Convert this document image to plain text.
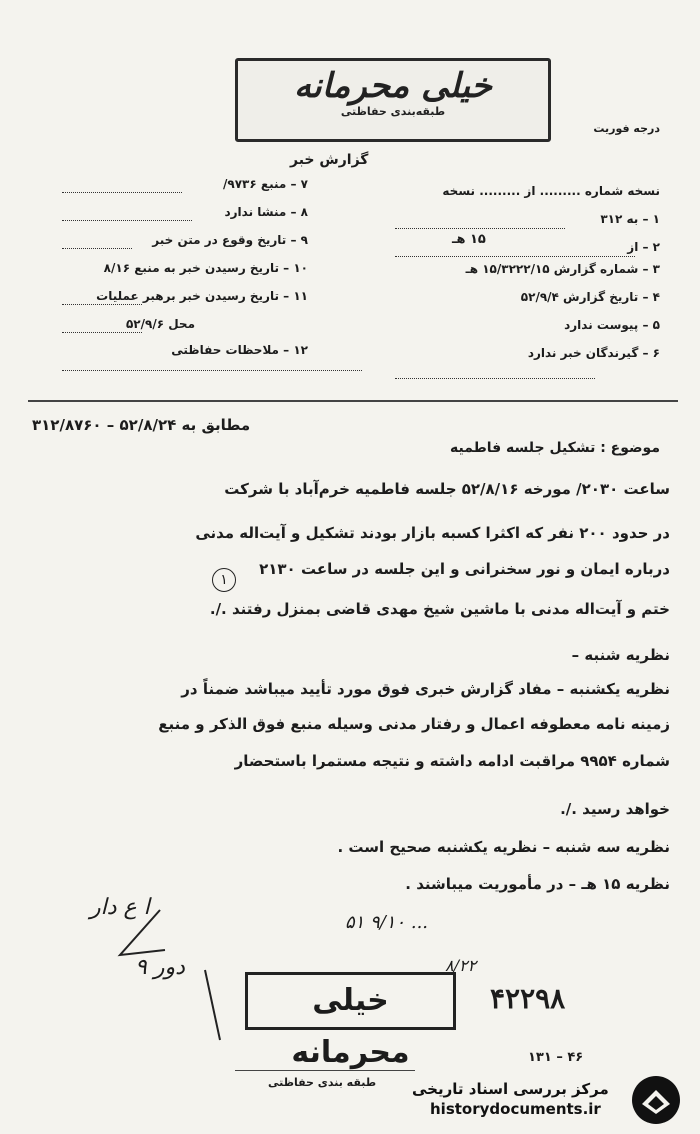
خیلی محرمانه
طبقه‌بندی حفاظتی
درجه فوریت
گزارش خبر
۷ – منبع ۹۷۳۶/
۸ – منشا ندارد
۹ – تاریخ وقوع در متن خبر
۱۰ – تاریخ رسیدن خبر به منبع ۸/۱۶
۱۱ – تاریخ رسیدن خبر برهبر عملیات
محل ۵۲/۹/۶
۱۲ – ملاحظات حفاظتی
نسخه شماره ......... از ......... نسخه
۱ – به ۳۱۲
۲ – از
۱۵ هـ
۳ – شماره گزارش ۱۵/۳۲۲۲/۱۵ هـ
۴ – تاریخ گزارش ۵۲/۹/۴
۵ – پیوست ندارد
۶ – گیرندگان خبر ندارد
مطابق به ۵۲/۸/۲۴ – ۳۱۲/۸۷۶۰
موضوع : تشکیل جلسه فاطمیه
ساعت ۲۰۳۰/ مورخه ۵۲/۸/۱۶ جلسه فاطمیه خرم‌آباد با شرکت
در حدود ۲۰۰ نفر که اکثرا کسبه بازار بودند تشکیل و آیت‌اله مدنی
درباره ایمان و نور سخنرانی و این جلسه در ساعت ۲۱۳۰
ختم و آیت‌اله مدنی با ماشین شیخ مهدی قاضی بمنزل رفتند ./.
۱
نظریه شنبه –
نظریه یکشنبه – مفاد گزارش خبری فوق مورد تأیید میباشد ضمناً در
زمینه نامه معطوفه اعمال و رفتار مدنی وسیله منبع فوق الذکر و منبع
شماره ۹۹۵۴ مراقبت ادامه داشته و نتیجه مستمرا باستحضار
خواهد رسید ./.
نظریه سه شنبه – نظریه یکشنبه صحیح است .
نظریه ۱۵ هـ – در مأموریت میباشند .
ا ع دار
دور ۹
۵۱ ۹/۱۰ ...
۸/۲۲
خیلی محرمانه
۴۲۲۹۸
طبقه بندی حفاظتی
۱۳۱ – ۴۶
مرکز بررسی اسناد تاریخی
historydocuments.ir
